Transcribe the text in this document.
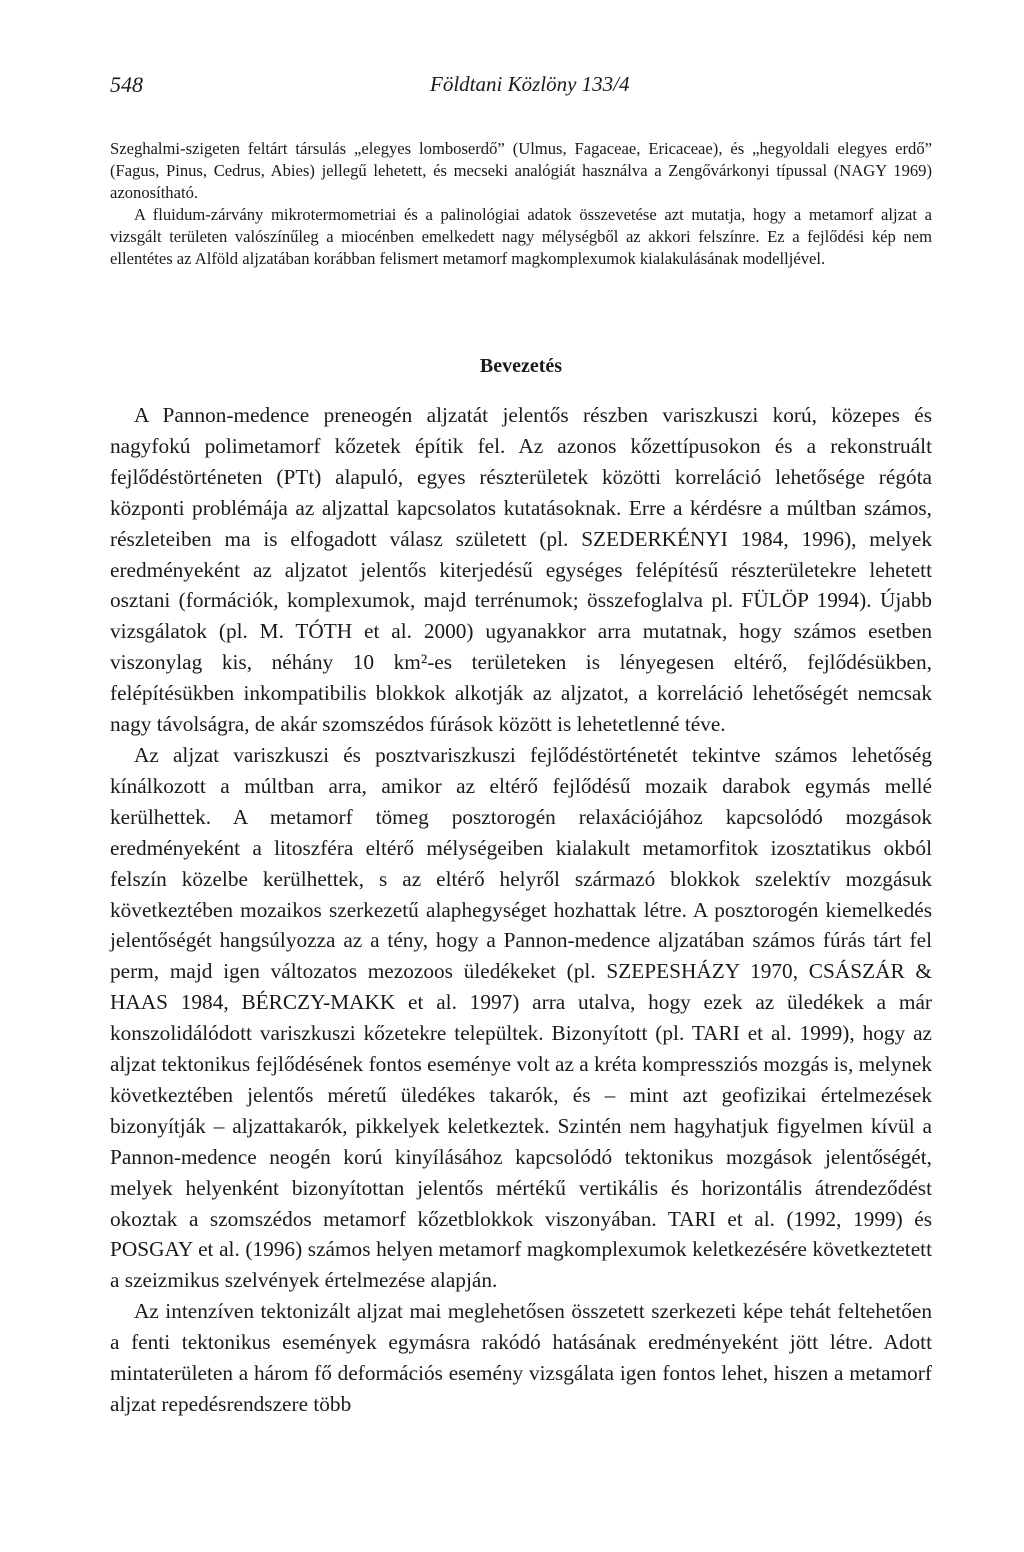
548	Földtani Közlöny 133/4

Szeghalmi-szigeten feltárt társulás „elegyes lomboserdő” (Ulmus, Fagaceae, Ericaceae), és „hegyoldali elegyes erdő” (Fagus, Pinus, Cedrus, Abies) jellegű lehetett, és mecseki analógiát használva a Zengővárkonyi típussal (NAGY 1969) azonosítható.

A fluidum-zárvány mikrotermometriai és a palinológiai adatok összevetése azt mutatja, hogy a metamorf aljzat a vizsgált területen valószínűleg a miocénben emelkedett nagy mélységből az akkori felszínre. Ez a fejlődési kép nem ellentétes az Alföld aljzatában korábban felismert metamorf magkomplexumok kialakulásának modelljével.

Bevezetés

A Pannon-medence preneogén aljzatát jelentős részben variszkuszi korú, közepes és nagyfokú polimetamorf kőzetek építik fel. Az azonos kőzettípusokon és a rekonstruált fejlődéstörténeten (PTt) alapuló, egyes részterületek közötti korreláció lehetősége régóta központi problémája az aljzattal kapcsolatos kutatásoknak. Erre a kérdésre a múltban számos, részleteiben ma is elfogadott válasz született (pl. SZEDERKÉNYI 1984, 1996), melyek eredményeként az aljzatot jelentős kiterjedésű egységes felépítésű részterületekre lehetett osztani (formációk, komplexumok, majd terrénumok; összefoglalva pl. FÜLÖP 1994). Újabb vizsgálatok (pl. M. TÓTH et al. 2000) ugyanakkor arra mutatnak, hogy számos esetben viszonylag kis, néhány 10 km²-es területeken is lényegesen eltérő, fejlődésükben, felépítésükben inkompatibilis blokkok alkotják az aljzatot, a korreláció lehetőségét nemcsak nagy távolságra, de akár szomszédos fúrások között is lehetetlenné téve.

Az aljzat variszkuszi és posztvariszkuszi fejlődéstörténetét tekintve számos lehetőség kínálkozott a múltban arra, amikor az eltérő fejlődésű mozaik darabok egymás mellé kerülhettek. A metamorf tömeg posztorogén relaxációjához kapcsolódó mozgások eredményeként a litoszféra eltérő mélységeiben kialakult metamorfitok izosztatikus okból felszín közelbe kerülhettek, s az eltérő helyről származó blokkok szelektív mozgásuk következtében mozaikos szerkezetű alaphegységet hozhattak létre. A posztorogén kiemelkedés jelentőségét hangsúlyozza az a tény, hogy a Pannon-medence aljzatában számos fúrás tárt fel perm, majd igen változatos mezozoos üledékeket (pl. SZEPESHÁZY 1970, CSÁSZÁR & HAAS 1984, BÉRCZY-MAKK et al. 1997) arra utalva, hogy ezek az üledékek a már konszolidálódott variszkuszi kőzetekre települtek. Bizonyított (pl. TARI et al. 1999), hogy az aljzat tektonikus fejlődésének fontos eseménye volt az a kréta kompressziós mozgás is, melynek következtében jelentős méretű üledékes takarók, és – mint azt geofizikai értelmezések bizonyítják – aljzattakarók, pikkelyek keletkeztek. Szintén nem hagyhatjuk figyelmen kívül a Pannon-medence neogén korú kinyílásához kapcsolódó tektonikus mozgások jelentőségét, melyek helyenként bizonyítottan jelentős mértékű vertikális és horizontális átrendeződést okoztak a szomszédos metamorf kőzetblokkok viszonyában. TARI et al. (1992, 1999) és POSGAY et al. (1996) számos helyen metamorf magkomplexumok keletkezésére következtetett a szeizmikus szelvények értelmezése alapján.

Az intenzíven tektonizált aljzat mai meglehetősen összetett szerkezeti képe tehát feltehetően a fenti tektonikus események egymásra rakódó hatásának eredményeként jött létre. Adott mintaterületen a három fő deformációs esemény vizsgálata igen fontos lehet, hiszen a metamorf aljzat repedésrendszere több
